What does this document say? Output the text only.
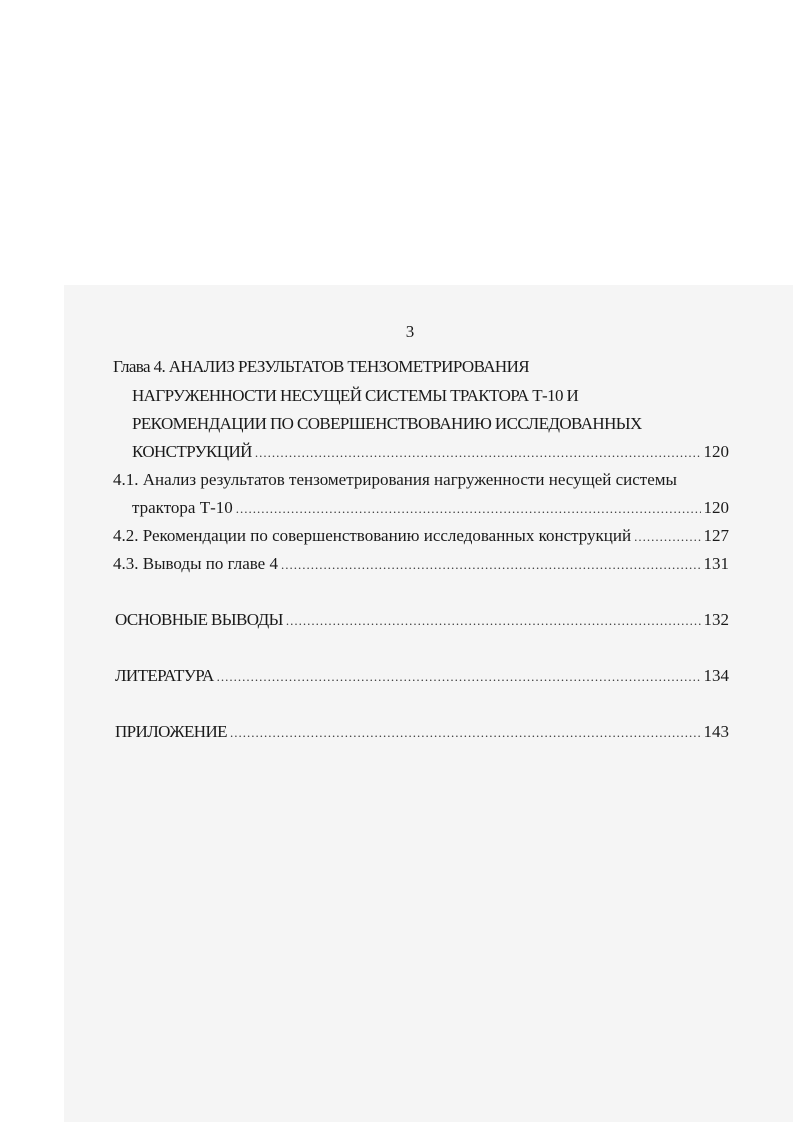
3
Глава 4. АНАЛИЗ РЕЗУЛЬТАТОВ ТЕНЗОМЕТРИРОВАНИЯ
НАГРУЖЕННОСТИ НЕСУЩЕЙ СИСТЕМЫ ТРАКТОРА Т-10 И
РЕКОМЕНДАЦИИ ПО СОВЕРШЕНСТВОВАНИЮ ИССЛЕДОВАННЫХ
КОНСТРУКЦИЙ .....	120
4.1. Анализ результатов тензометрирования нагруженности несущей системы
трактора Т-10 .....	120
4.2. Рекомендации по совершенствованию исследованных конструкций .....	127
4.3. Выводы по главе 4 .....	131
ОСНОВНЫЕ ВЫВОДЫ .....	132
ЛИТЕРАТУРА .....	134
ПРИЛОЖЕНИЕ .....	143
